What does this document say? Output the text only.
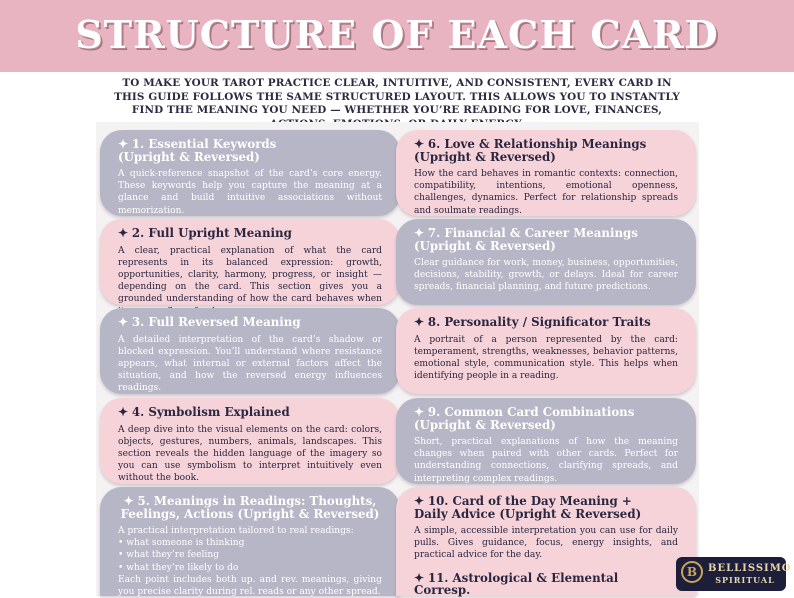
STRUCTURE OF EACH CARD
TO MAKE YOUR TAROT PRACTICE CLEAR, INTUITIVE, AND CONSISTENT, EVERY CARD IN THIS GUIDE FOLLOWS THE SAME STRUCTURED LAYOUT. THIS ALLOWS YOU TO INSTANTLY FIND THE MEANING YOU NEED — WHETHER YOU’RE READING FOR LOVE, FINANCES,
✦ 1. Essential Keywords
(Upright & Reversed)
A quick-reference snapshot of the card’s core energy. These keywords help you capture the meaning at a glance and build intuitive associations without memorization.
✦ 2. Full Upright Meaning
A clear, practical explanation of what the card represents in its balanced expression: growth, opportunities, clarity, harmony, progress, or insight — depending on the card. This section gives you a grounded understanding of how the card behaves when
✦ 3. Full Reversed Meaning
A detailed interpretation of the card’s shadow or blocked expression. You’ll understand where resistance appears, what internal or external factors affect the situation, and how the reversed energy influences readings.
✦ 4. Symbolism Explained
A deep dive into the visual elements on the card: colors, objects, gestures, numbers, animals, landscapes. This section reveals the hidden language of the imagery so you can use symbolism to interpret intuitively even without the book.
✦ 5. Meanings in Readings: Thoughts, Feelings, Actions (Upright & Reversed)
A practical interpretation tailored to real readings:
• what someone is thinking
• what they’re feeling
• what they’re likely to do
Each point includes both up. and rev. meanings, giving you precise clarity during rel. reads or any other spread.
✦ 6. Love & Relationship Meanings
(Upright & Reversed)
How the card behaves in romantic contexts: connection, compatibility, intentions, emotional openness, challenges, dynamics. Perfect for relationship spreads and soulmate readings.
✦ 7. Financial & Career Meanings
(Upright & Reversed)
Clear guidance for work, money, business, opportunities, decisions, stability, growth, or delays. Ideal for career spreads, financial planning, and future predictions.
✦ 8. Personality / Significator Traits
A portrait of a person represented by the card: temperament, strengths, weaknesses, behavior patterns, emotional style, communication style. This helps when identifying people in a reading.
✦ 9. Common Card Combinations
(Upright & Reversed)
Short, practical explanations of how the meaning changes when paired with other cards. Perfect for understanding connections, clarifying spreads, and interpreting complex readings.
✦ 10. Card of the Day Meaning +
Daily Advice (Upright & Reversed)
A simple, accessible interpretation you can use for daily pulls. Gives guidance, focus, energy insights, and practical advice for the day.
✦ 11. Astrological & Elemental Corresp.
B	BELLISSIMO
SPIRITUAL
